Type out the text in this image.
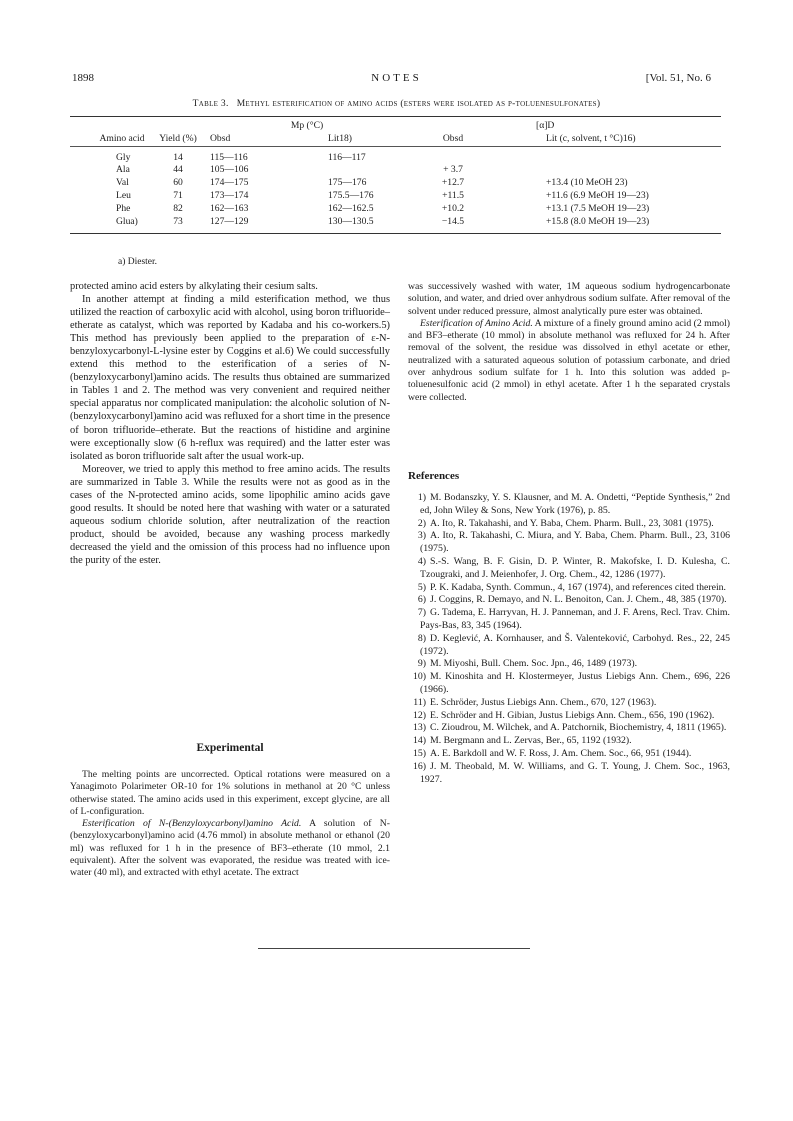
1898	NOTES	[Vol. 51, No. 6
Table 3. Methyl esterification of amino acids (esters were isolated as p-toluenesulfonates)
	Amino acid	Yield (%)	Mp (°C)		[α]D	
			Obsd	Lit18)	Obsd	Lit (c, solvent, t °C)16)
	Gly	14	115—116	116—117		
	Ala	44	105—106		+ 3.7	
	Val	60	174—175	175—176	+12.7	+13.4 (10 MeOH 23)
	Leu	71	173—174	175.5—176	+11.5	+11.6 (6.9 MeOH 19—23)
	Phe	82	162—163	162—162.5	+10.2	+13.1 (7.5 MeOH 19—23)
	Glua)	73	127—129	130—130.5	−14.5	+15.8 (8.0 MeOH 19—23)
a) Diester.

protected amino acid esters by alkylating their cesium salts.

In another attempt at finding a mild esterification method, we thus utilized the reaction of carboxylic acid with alcohol, using boron trifluoride–etherate as catalyst, which was reported by Kadaba and his co-workers.5) This method has previously been applied to the preparation of ε-N-benzyloxycarbonyl-L-lysine ester by Coggins et al.6) We could successfully extend this method to the esterification of a series of N-(benzyloxycarbonyl)amino acids. The results thus obtained are summarized in Tables 1 and 2. The method was very convenient and required neither special apparatus nor complicated manipulation: the alcoholic solution of N-(benzyloxycarbonyl)amino acid was refluxed for a short time in the presence of boron trifluoride–etherate. But the reactions of histidine and arginine were exceptionally slow (6 h-reflux was required) and the latter ester was isolated as boron trifluoride salt after the usual work-up.

Moreover, we tried to apply this method to free amino acids. The results are summarized in Table 3. While the results were not as good as in the cases of the N-protected amino acids, some lipophilic amino acids gave good results. It should be noted here that washing with water or a saturated aqueous sodium chloride solution, after neutralization of the reaction product, should be avoided, because any washing process markedly decreased the yield and the omission of this process had no influence upon the purity of the ester.

Experimental

The melting points are uncorrected. Optical rotations were measured on a Yanagimoto Polarimeter OR-10 for 1% solutions in methanol at 20 °C unless otherwise stated. The amino acids used in this experiment, except glycine, are all of L-configuration.

Esterification of N-(Benzyloxycarbonyl)amino Acid. A solution of N-(benzyloxycarbonyl)amino acid (4.76 mmol) in absolute methanol or ethanol (20 ml) was refluxed for 1 h in the presence of BF3–etherate (10 mmol, 2.1 equivalent). After the solvent was evaporated, the residue was treated with ice-water (40 ml), and extracted with ethyl acetate. The extract

was successively washed with water, 1M aqueous sodium hydrogencarbonate solution, and water, and dried over anhydrous sodium sulfate. After removal of the solvent under reduced pressure, almost analytically pure ester was obtained.

Esterification of Amino Acid. A mixture of a finely ground amino acid (2 mmol) and BF3–etherate (10 mmol) in absolute methanol was refluxed for 24 h. After removal of the solvent, the residue was dissolved in ethyl acetate or ether, neutralized with a saturated aqueous solution of potassium carbonate, and dried over anhydrous sodium sulfate for 1 h. Into this solution was added p-toluenesulfonic acid (2 mmol) in ethyl acetate. After 1 h the separated crystals were collected.

References

1) M. Bodanszky, Y. S. Klausner, and M. A. Ondetti, “Peptide Synthesis,” 2nd ed, John Wiley & Sons, New York (1976), p. 85.

2) A. Ito, R. Takahashi, and Y. Baba, Chem. Pharm. Bull., 23, 3081 (1975).

3) A. Ito, R. Takahashi, C. Miura, and Y. Baba, Chem. Pharm. Bull., 23, 3106 (1975).

4) S.-S. Wang, B. F. Gisin, D. P. Winter, R. Makofske, I. D. Kulesha, C. Tzougraki, and J. Meienhofer, J. Org. Chem., 42, 1286 (1977).

5) P. K. Kadaba, Synth. Commun., 4, 167 (1974), and references cited therein.

6) J. Coggins, R. Demayo, and N. L. Benoiton, Can. J. Chem., 48, 385 (1970).

7) G. Tadema, E. Harryvan, H. J. Panneman, and J. F. Arens, Recl. Trav. Chim. Pays-Bas, 83, 345 (1964).

8) D. Keglević, A. Kornhauser, and Š. Valenteković, Carbohyd. Res., 22, 245 (1972).

9) M. Miyoshi, Bull. Chem. Soc. Jpn., 46, 1489 (1973).

10) M. Kinoshita and H. Klostermeyer, Justus Liebigs Ann. Chem., 696, 226 (1966).

11) E. Schröder, Justus Liebigs Ann. Chem., 670, 127 (1963).

12) E. Schröder and H. Gibian, Justus Liebigs Ann. Chem., 656, 190 (1962).

13) C. Zioudrou, M. Wilchek, and A. Patchornik, Biochemistry, 4, 1811 (1965).

14) M. Bergmann and L. Zervas, Ber., 65, 1192 (1932).

15) A. E. Barkdoll and W. F. Ross, J. Am. Chem. Soc., 66, 951 (1944).

16) J. M. Theobald, M. W. Williams, and G. T. Young, J. Chem. Soc., 1963, 1927.
